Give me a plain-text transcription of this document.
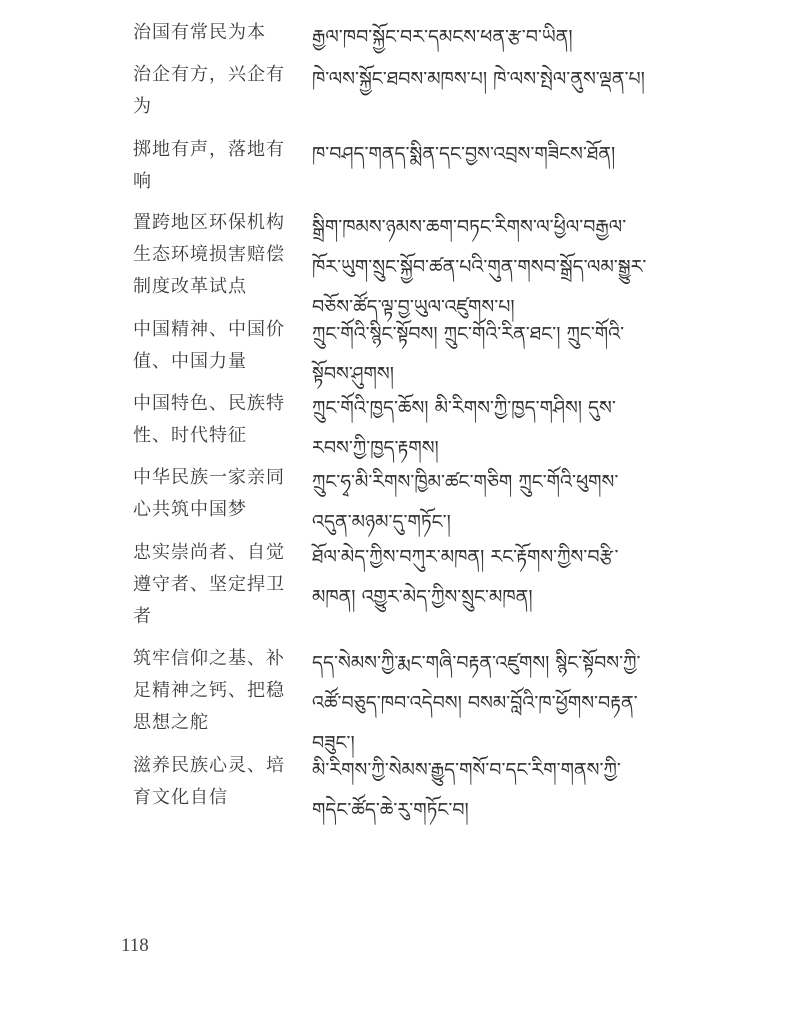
治国有常民为本	རྒྱལ་ཁབ་སྐྱོང་བར་དམངས་ཕན་རྩ་བ་ཡིན།
治企有方，兴企有为
ཁེ་ལས་སྐྱོང་ཐབས་མཁས་པ། ཁེ་ལས་སྤེལ་ནུས་ལྡན་པ།
掷地有声，落地有响
ཁ་བཤད་གནད་སྨིན་དང་བྱས་འབྲས་གཟིངས་ཐོན།
置跨地区环保机构生态环境损害赔偿制度改革试点
སྒྲིག་ཁམས་ཉམས་ཆག་བཏང་རིགས་ལ་ཕྱིལ་བརྒྱལ་ཁོར་ཡུག་སྲུང་སྐྱོབ་ཚན་པའི་གུན་གསབ་སྒྲོད་ལམ་སྒྱུར་བཅོས་ཚོད་ལྟ་བྱ་ཡུལ་འཛུགས་པ།
中国精神、中国价值、中国力量
ཀྲུང་གོའི་སྙིང་སྟོབས། ཀྲུང་གོའི་རིན་ཐང་། ཀྲུང་གོའི་སྟོབས་ཤུགས།
中国特色、民族特性、时代特征
ཀྲུང་གོའི་ཁྱད་ཆོས། མི་རིགས་ཀྱི་ཁྱད་གཤིས། དུས་རབས་ཀྱི་ཁྱད་རྟགས།
中华民族一家亲同心共筑中国梦
ཀྲུང་ཧྭ་མི་རིགས་ཁྱིམ་ཚང་གཅིག ཀྲུང་གོའི་ཕུགས་འདུན་མཉམ་དུ་གཏོང་།
忠实崇尚者、自觉遵守者、坚定捍卫者
ཐོལ་མེད་ཀྱིས་བཀུར་མཁན། རང་རྟོགས་ཀྱིས་བརྩི་མཁན། འགྱུར་མེད་ཀྱིས་སྲུང་མཁན།
筑牢信仰之基、补足精神之钙、把稳思想之舵
དད་སེམས་ཀྱི་རྨང་གཞི་བརྟན་འཛུགས། སྙིང་སྟོབས་ཀྱི་འཚོ་བཅུད་ཁབ་འདེབས། བསམ་བློའི་ཁ་ཕྱོགས་བརྟན་བཟུང་།
滋养民族心灵、培育文化自信
མི་རིགས་ཀྱི་སེམས་རྒྱུད་གསོ་བ་དང་རིག་གནས་ཀྱི་གདེང་ཚོད་ཆེ་རུ་གཏོང་བ།
118
